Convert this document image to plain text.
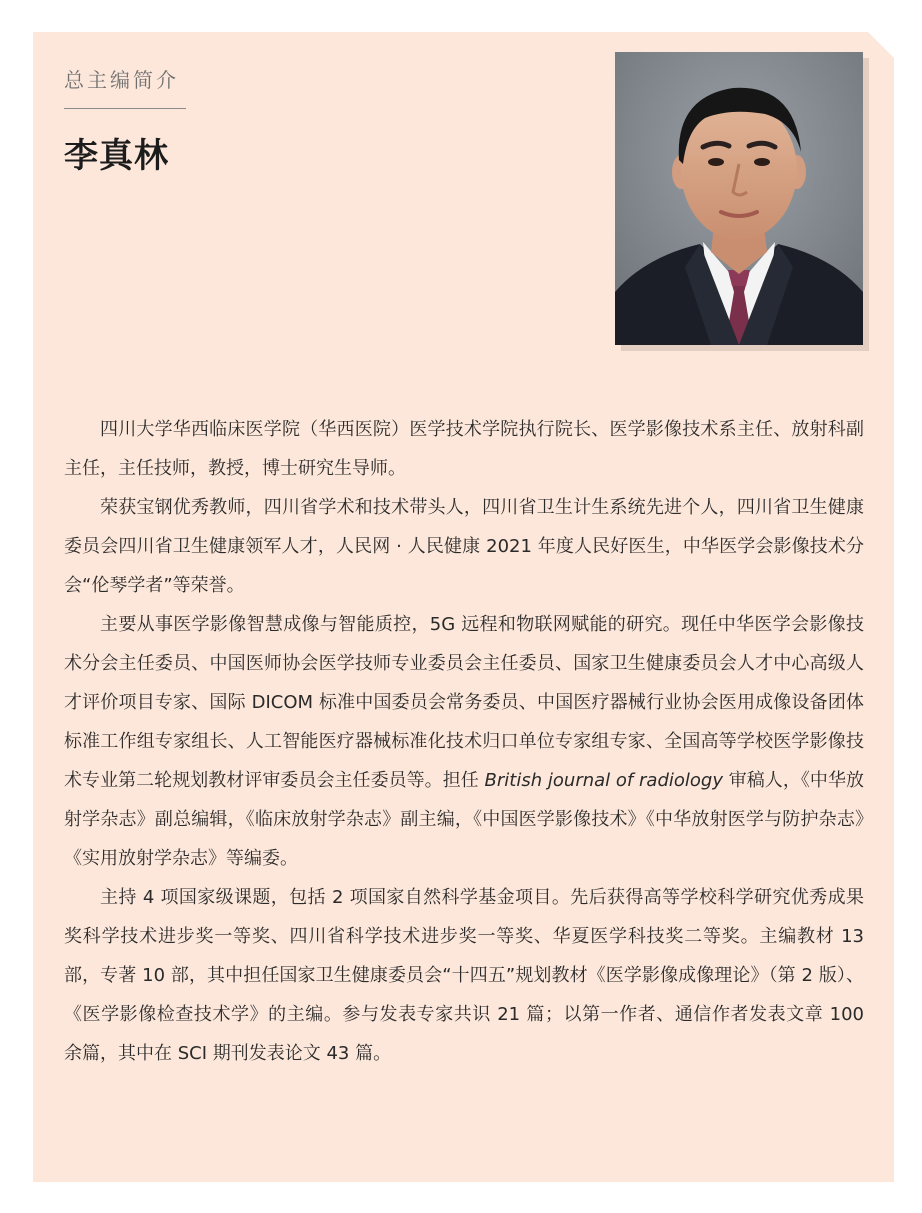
总主编简介
李真林

四川大学华西临床医学院（华西医院）医学技术学院执行院长、医学影像技术系主任、放射科副主任，主任技师，教授，博士研究生导师。

荣获宝钢优秀教师，四川省学术和技术带头人，四川省卫生计生系统先进个人，四川省卫生健康委员会四川省卫生健康领军人才，人民网 · 人民健康 2021 年度人民好医生，中华医学会影像技术分会“伦琴学者”等荣誉。

主要从事医学影像智慧成像与智能质控，5G 远程和物联网赋能的研究。现任中华医学会影像技术分会主任委员、中国医师协会医学技师专业委员会主任委员、国家卫生健康委员会人才中心高级人才评价项目专家、国际 DICOM 标准中国委员会常务委员、中国医疗器械行业协会医用成像设备团体标准工作组专家组长、人工智能医疗器械标准化技术归口单位专家组专家、全国高等学校医学影像技术专业第二轮规划教材评审委员会主任委员等。担任 British journal of radiology 审稿人，《中华放射学杂志》副总编辑，《临床放射学杂志》副主编，《中国医学影像技术》《中华放射医学与防护杂志》《实用放射学杂志》等编委。

主持 4 项国家级课题，包括 2 项国家自然科学基金项目。先后获得高等学校科学研究优秀成果奖科学技术进步奖一等奖、四川省科学技术进步奖一等奖、华夏医学科技奖二等奖。主编教材 13 部，专著 10 部，其中担任国家卫生健康委员会“十四五”规划教材《医学影像成像理论》（第 2 版）、《医学影像检查技术学》的主编。参与发表专家共识 21 篇；以第一作者、通信作者发表文章 100 余篇，其中在 SCI 期刊发表论文 43 篇。
